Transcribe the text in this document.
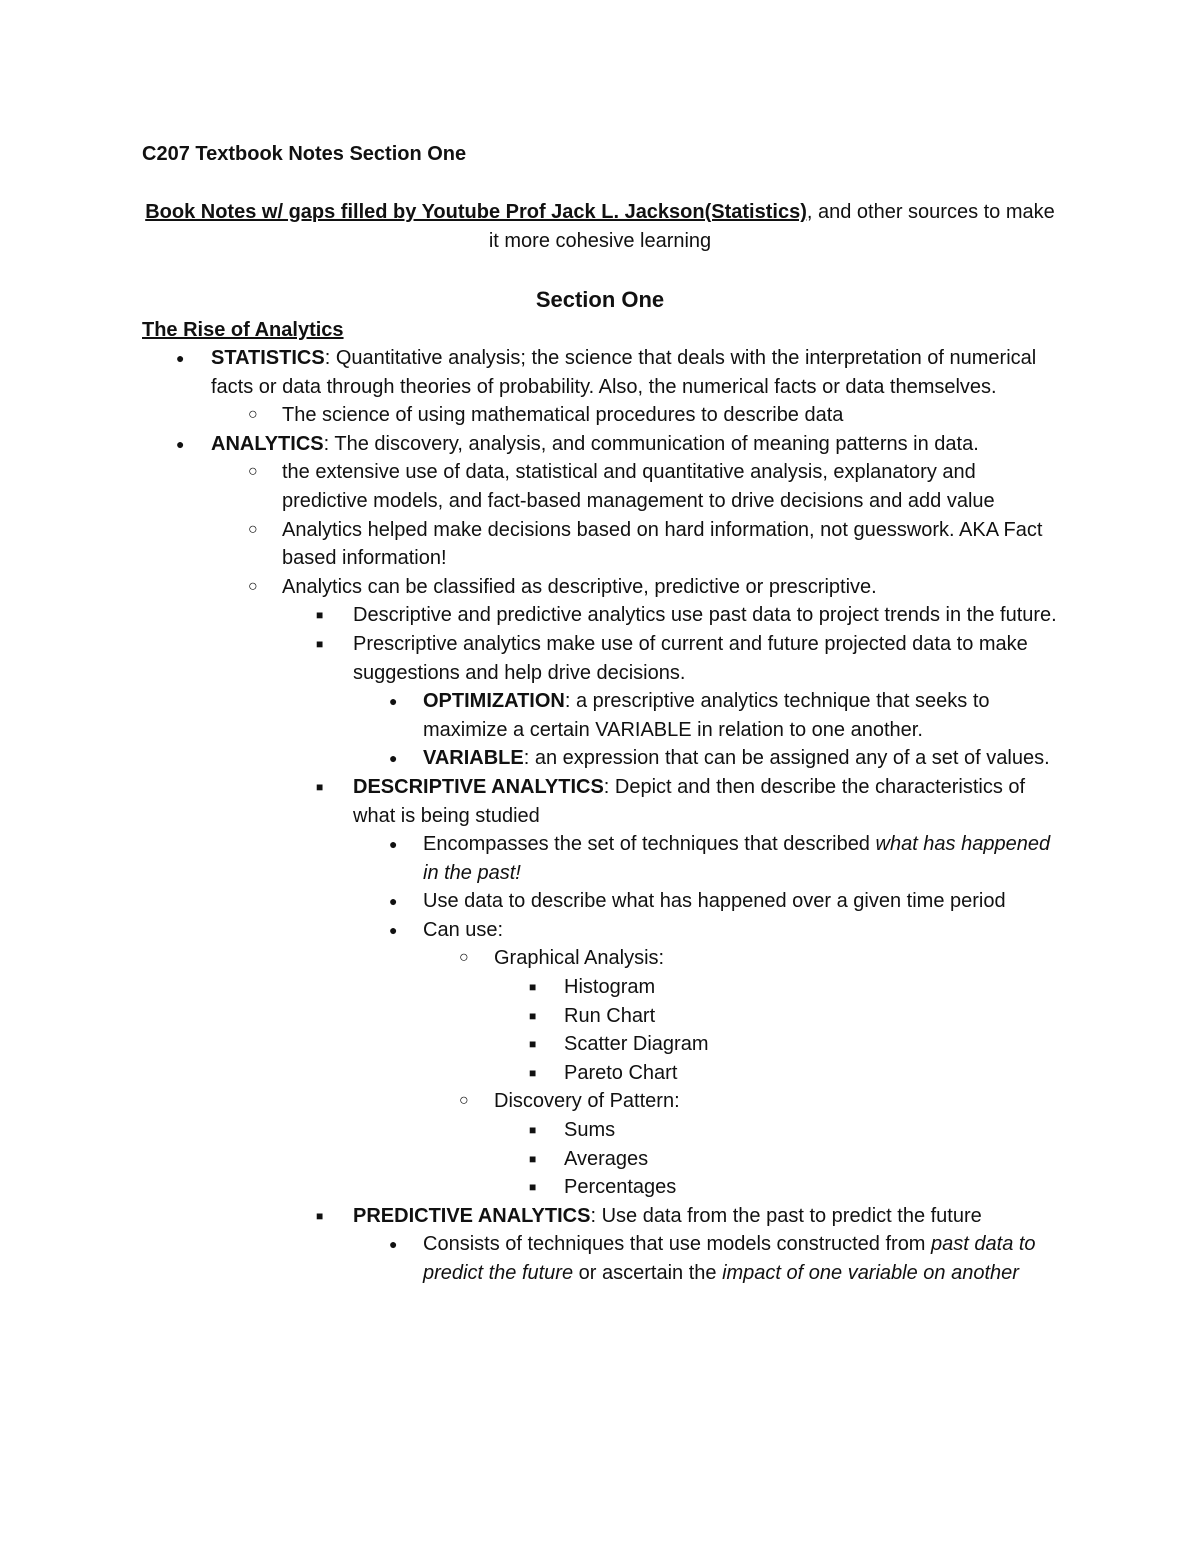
C207 Textbook Notes Section One
Book Notes w/ gaps filled by Youtube Prof Jack L. Jackson(Statistics), and other sources to make it more cohesive learning
Section One
The Rise of Analytics

● STATISTICS: Quantitative analysis; the science that deals with the interpretation of numerical facts or data through theories of probability. Also, the numerical facts or data themselves.

○ The science of using mathematical procedures to describe data

● ANALYTICS: The discovery, analysis, and communication of meaning patterns in data.

○ the extensive use of data, statistical and quantitative analysis, explanatory and predictive models, and fact-based management to drive decisions and add value

○ Analytics helped make decisions based on hard information, not guesswork. AKA Fact based information!

○ Analytics can be classified as descriptive, predictive or prescriptive.

■ Descriptive and predictive analytics use past data to project trends in the future.

■ Prescriptive analytics make use of current and future projected data to make suggestions and help drive decisions.

● OPTIMIZATION: a prescriptive analytics technique that seeks to maximize a certain VARIABLE in relation to one another.

● VARIABLE: an expression that can be assigned any of a set of values.

■ DESCRIPTIVE ANALYTICS: Depict and then describe the characteristics of what is being studied

● Encompasses the set of techniques that described what has happened in the past!

● Use data to describe what has happened over a given time period

● Can use:

○ Graphical Analysis:

■ Histogram

■ Run Chart

■ Scatter Diagram

■ Pareto Chart

○ Discovery of Pattern:

■ Sums

■ Averages

■ Percentages

■ PREDICTIVE ANALYTICS: Use data from the past to predict the future

● Consists of techniques that use models constructed from past data to predict the future or ascertain the impact of one variable on another
